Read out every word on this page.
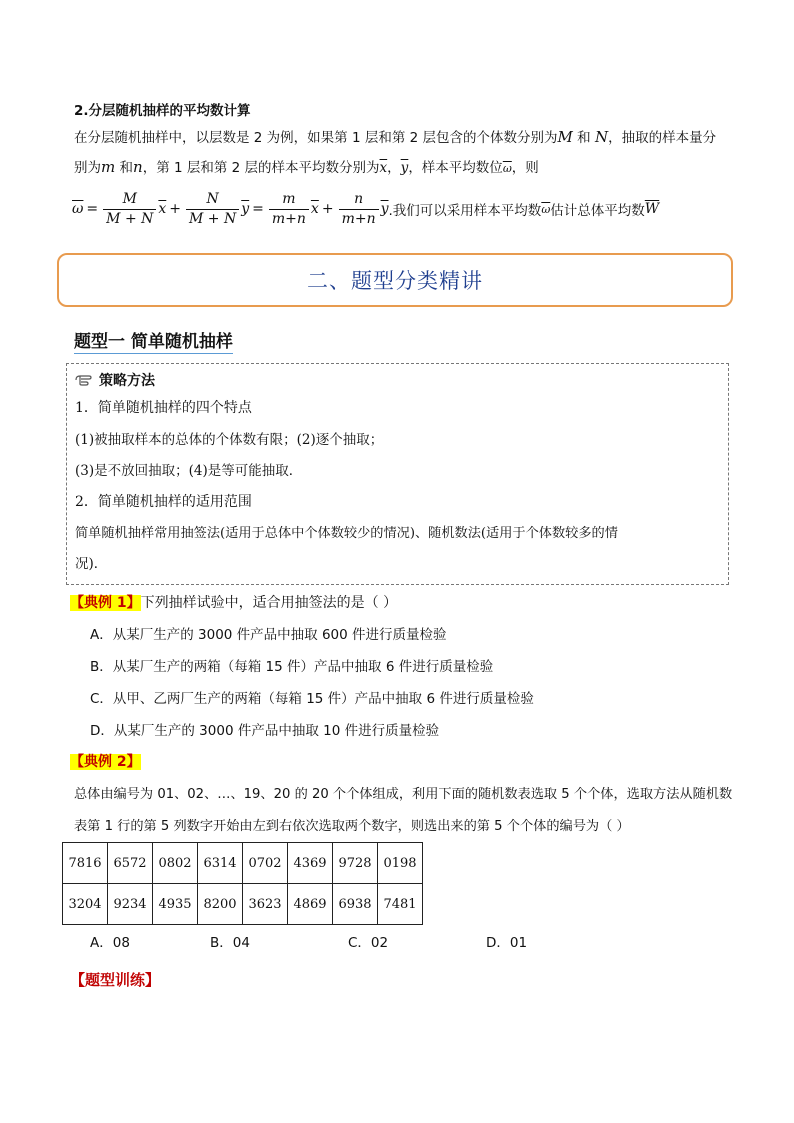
2.分层随机抽样的平均数计算
在分层随机抽样中，以层数是 2 为例，如果第 1 层和第 2 层包含的个体数分别为M 和 N，抽取的样本量分
别为m 和n，第 1 层和第 2 层的样本平均数分别为$\overline{x}$，$\overline{y}$，样本平均数位$\overline{\omega}$，则
$\overline{\omega} = \frac{M}{M + N} \overline{x} + \frac{N}{M + N} \overline{y} = \frac{m}{m+n} \overline{x} + \frac{n}{m+n} \overline{y}$ .我们可以采用样本平均数 $\overline{\omega}$ 估计总体平均数 $\overline{W}$
二、题型分类精讲
题型一 简单随机抽样
策略方法
1．简单随机抽样的四个特点
(1)被抽取样本的总体的个体数有限；(2)逐个抽取；
(3)是不放回抽取；(4)是等可能抽取．
2．简单随机抽样的适用范围
简单随机抽样常用抽签法(适用于总体中个体数较少的情况)、随机数法(适用于个体数较多的情
况)．
【典例 1】下列抽样试验中，适合用抽签法的是（ ）
A．从某厂生产的 3000 件产品中抽取 600 件进行质量检验
B．从某厂生产的两箱（每箱 15 件）产品中抽取 6 件进行质量检验
C．从甲、乙两厂生产的两箱（每箱 15 件）产品中抽取 6 件进行质量检验
D．从某厂生产的 3000 件产品中抽取 10 件进行质量检验
【典例 2】
总体由编号为 01、02、…、19、20 的 20 个个体组成，利用下面的随机数表选取 5 个个体，选取方法从随机数
表第 1 行的第 5 列数字开始由左到右依次选取两个数字，则选出来的第 5 个个体的编号为（ ）
7816	6572	0802	6314	0702	4369	9728	0198
3204	9234	4935	8200	3623	4869	6938	7481
A．08	B．04	C．02	D．01
【题型训练】
